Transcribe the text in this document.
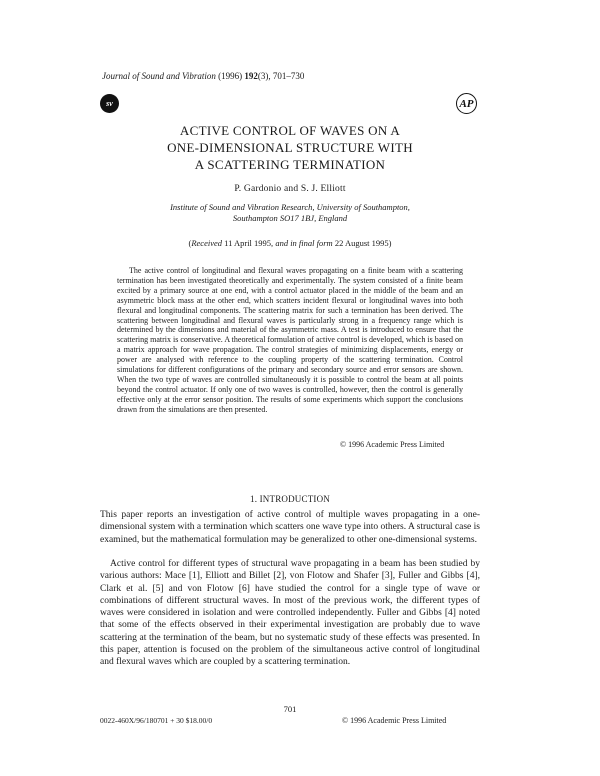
Journal of Sound and Vibration (1996) 192(3), 701–730
sv	AP
ACTIVE CONTROL OF WAVES ON A
ONE-DIMENSIONAL STRUCTURE WITH
A SCATTERING TERMINATION
P. Gardonio and S. J. Elliott
Institute of Sound and Vibration Research, University of Southampton,
Southampton SO17 1BJ, England
(Received 11 April 1995, and in final form 22 August 1995)
The active control of longitudinal and flexural waves propagating on a finite beam with a scattering termination has been investigated theoretically and experimentally. The system consisted of a finite beam excited by a primary source at one end, with a control actuator placed in the middle of the beam and an asymmetric block mass at the other end, which scatters incident flexural or longitudinal waves into both flexural and longitudinal components. The scattering matrix for such a termination has been derived. The scattering between longitudinal and flexural waves is particularly strong in a frequency range which is determined by the dimensions and material of the asymmetric mass. A test is introduced to ensure that the scattering matrix is conservative. A theoretical formulation of active control is developed, which is based on a matrix approach for wave propagation. The control strategies of minimizing displacements, energy or power are analysed with reference to the coupling property of the scattering termination. Control simulations for different configurations of the primary and secondary source and error sensors are shown. When the two type of waves are controlled simultaneously it is possible to control the beam at all points beyond the control actuator. If only one of two waves is controlled, however, then the control is generally effective only at the error sensor position. The results of some experiments which support the conclusions drawn from the simulations are then presented.
© 1996 Academic Press Limited
1. INTRODUCTION
This paper reports an investigation of active control of multiple waves propagating in a one-dimensional system with a termination which scatters one wave type into others. A structural case is examined, but the mathematical formulation may be generalized to other one-dimensional systems.
Active control for different types of structural wave propagating in a beam has been studied by various authors: Mace [1], Elliott and Billet [2], von Flotow and Shafer [3], Fuller and Gibbs [4], Clark et al. [5] and von Flotow [6] have studied the control for a single type of wave or combinations of different structural waves. In most of the previous work, the different types of waves were considered in isolation and were controlled independently. Fuller and Gibbs [4] noted that some of the effects observed in their experimental investigation are probably due to wave scattering at the termination of the beam, but no systematic study of these effects was presented. In this paper, attention is focused on the problem of the simultaneous active control of longitudinal and flexural waves which are coupled by a scattering termination.
701
0022-460X/96/180701 + 30 $18.00/0	© 1996 Academic Press Limited
